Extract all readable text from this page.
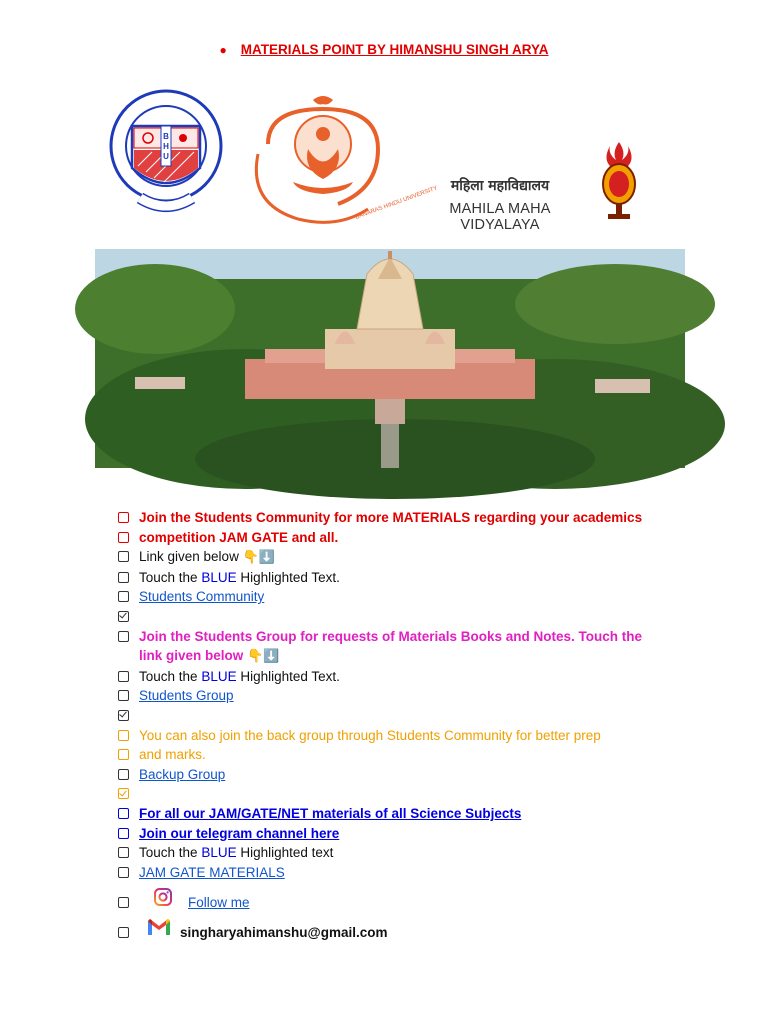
● MATERIALS POINT BY HIMANSHU SINGH ARYA
B
H
U
BANARAS HINDU UNIVERSITY महिला महाविद्यालय
MAHILA MAHA VIDYALAYA
Join the Students Community for more MATERIALS regarding your academics
competition JAM GATE and all.
Link given below 👇⬇️
Touch the BLUE Highlighted Text.
Students Community
Join the Students Group for requests of Materials Books and Notes. Touch the
link given below 👇⬇️
Touch the BLUE Highlighted Text.
Students Group
You can also join the back group through Students Community for better prep
and marks.
Backup Group
For all our JAM/GATE/NET materials of all Science Subjects
Join our telegram channel here
Touch the BLUE Highlighted text
JAM GATE MATERIALS
Follow me
singharyahimanshu@gmail.com
